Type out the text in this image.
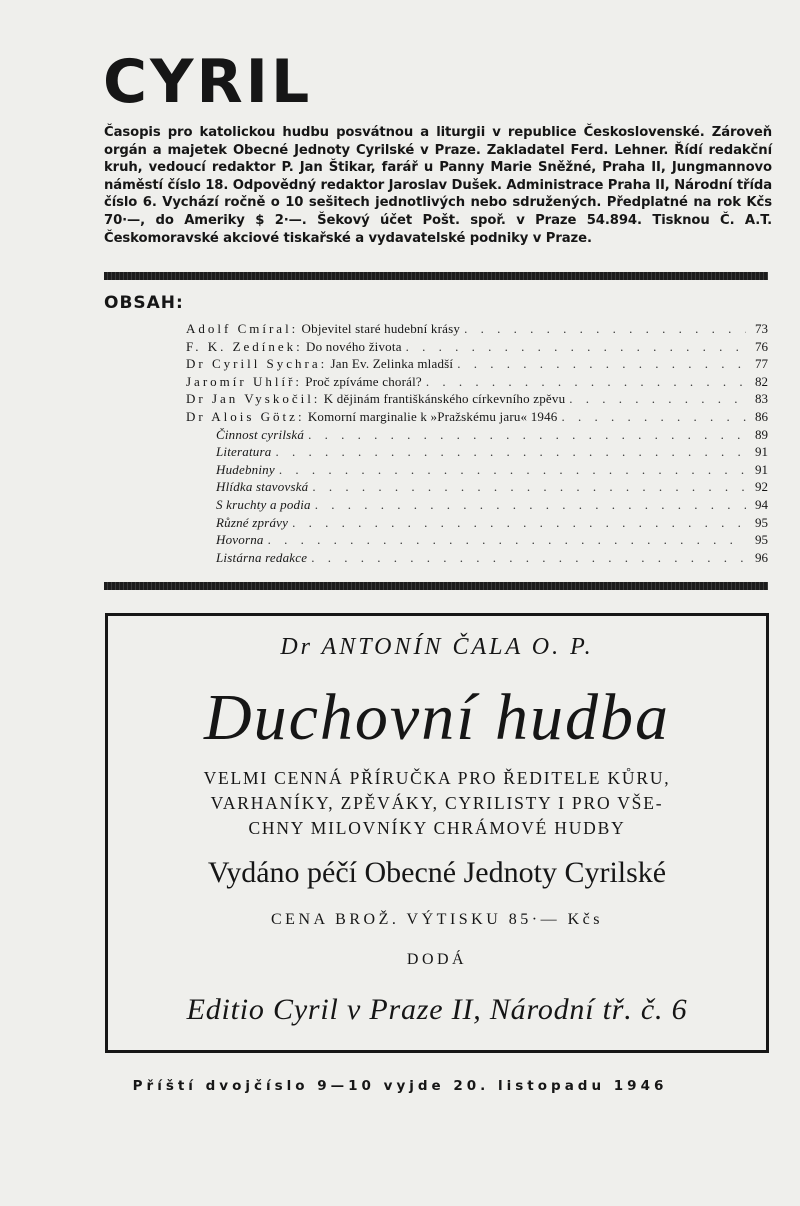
CYRIL
Časopis pro katolickou hudbu posvátnou a liturgii v republice Československé. Zároveň orgán a majetek Obecné Jednoty Cyrilské v Praze. Zakladatel Ferd. Lehner. Řídí redakční kruh, vedoucí redaktor P. Jan Štikar, farář u Panny Marie Sněžné, Praha II, Jungmannovo náměstí číslo 18. Odpovědný redaktor Jaroslav Dušek. Administrace Praha II, Národní třída číslo 6. Vychází ročně o 10 sešitech jednotlivých nebo sdružených. Předplatné na rok Kčs 70·—, do Ameriky $ 2·—. Šekový účet Pošt. spoř. v Praze 54.894. Tisknou Č. A.T. Českomoravské akciové tiskařské a vydavatelské podniky v Praze.
OBSAH:
Adolf Cmíral:
Objevitel staré hudební krásy . . .	73
F. K. Zedínek:
Do nového života . . .	76
Dr Cyrill Sychra:
Jan Ev. Zelinka mladší . . .	77
Jaromír Uhlíř:
Proč zpíváme chorál? . . .	82
Dr Jan Vyskočil:
K dějinám františkánského církevního zpěvu . . .	83
Dr Alois Götz:
Komorní marginalie k »Pražskému jaru« 1946 . . .	86
Činnost cyrilská . . .	89
Literatura . . .	91
Hudebniny . . .	91
Hlídka stavovská . . .	92
S kruchty a podia . . .	94
Různé zprávy . . .	95
Hovorna . . .	95
Listárna redakce . . .	96
Dr ANTONÍN ČALA O. P.
Duchovní hudba
VELMI CENNÁ PŘÍRUČKA PRO ŘEDITELE KŮRU,
VARHANÍKY, ZPĚVÁKY, CYRILISTY I PRO VŠE-
CHNY MILOVNÍKY CHRÁMOVÉ HUDBY
Vydáno péčí Obecné Jednoty Cyrilské
CENA BROŽ. VÝTISKU 85·— Kčs
DODÁ
Editio Cyril v Praze II, Národní tř. č. 6
Příští dvojčíslo 9—10 vyjde 20. listopadu 1946
